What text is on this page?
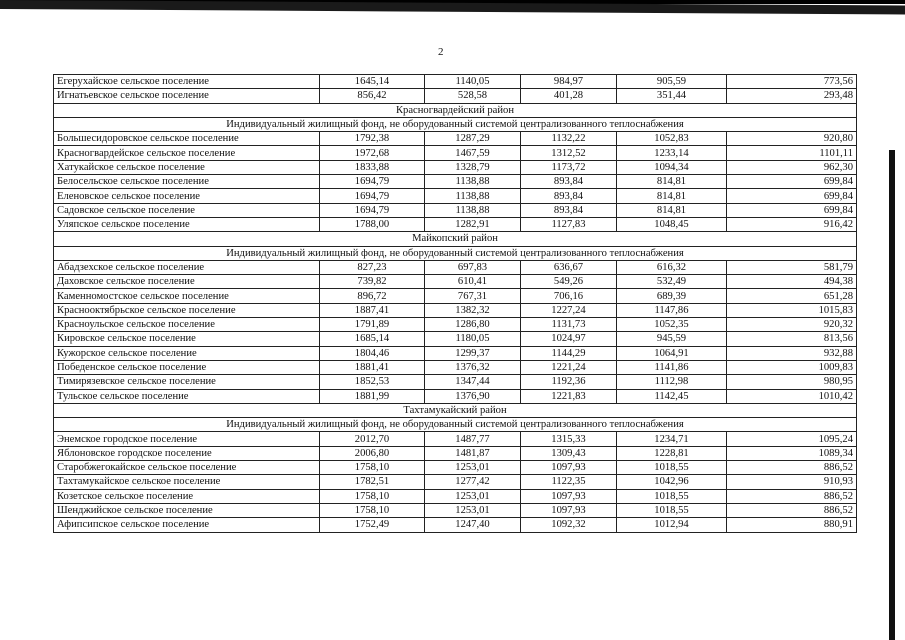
2
Егерухайское сельское поселение	1645,14	1140,05	984,97	905,59	773,56
Игнатьевское сельское поселение	856,42	528,58	401,28	351,44	293,48
Красногвардейский район					
Индивидуальный жилищный фонд, не оборудованный системой централизованного теплоснабжения					
Большесидоровское сельское поселение	1792,38	1287,29	1132,22	1052,83	920,80
Красногвардейское сельское поселение	1972,68	1467,59	1312,52	1233,14	1101,11
Хатукайское сельское поселение	1833,88	1328,79	1173,72	1094,34	962,30
Белосельское сельское поселение	1694,79	1138,88	893,84	814,81	699,84
Еленовское сельское поселение	1694,79	1138,88	893,84	814,81	699,84
Садовское сельское поселение	1694,79	1138,88	893,84	814,81	699,84
Уляпское сельское поселение	1788,00	1282,91	1127,83	1048,45	916,42
Майкопский район					
Индивидуальный жилищный фонд, не оборудованный системой централизованного теплоснабжения					
Абадзехское сельское поселение	827,23	697,83	636,67	616,32	581,79
Даховское сельское поселение	739,82	610,41	549,26	532,49	494,38
Каменномостское сельское поселение	896,72	767,31	706,16	689,39	651,28
Краснооктябрьское сельское поселение	1887,41	1382,32	1227,24	1147,86	1015,83
Красноульское сельское поселение	1791,89	1286,80	1131,73	1052,35	920,32
Кировское сельское поселение	1685,14	1180,05	1024,97	945,59	813,56
Кужорское сельское поселение	1804,46	1299,37	1144,29	1064,91	932,88
Победенское сельское поселение	1881,41	1376,32	1221,24	1141,86	1009,83
Тимирязевское сельское поселение	1852,53	1347,44	1192,36	1112,98	980,95
Тульское сельское поселение	1881,99	1376,90	1221,83	1142,45	1010,42
Тахтамукайский район					
Индивидуальный жилищный фонд, не оборудованный системой централизованного теплоснабжения					
Энемское городское поселение	2012,70	1487,77	1315,33	1234,71	1095,24
Яблоновское городское поселение	2006,80	1481,87	1309,43	1228,81	1089,34
Старобжегокайское сельское поселение	1758,10	1253,01	1097,93	1018,55	886,52
Тахтамукайское сельское поселение	1782,51	1277,42	1122,35	1042,96	910,93
Козетское сельское поселение	1758,10	1253,01	1097,93	1018,55	886,52
Шенджийское сельское поселение	1758,10	1253,01	1097,93	1018,55	886,52
Афипсипское сельское поселение	1752,49	1247,40	1092,32	1012,94	880,91
